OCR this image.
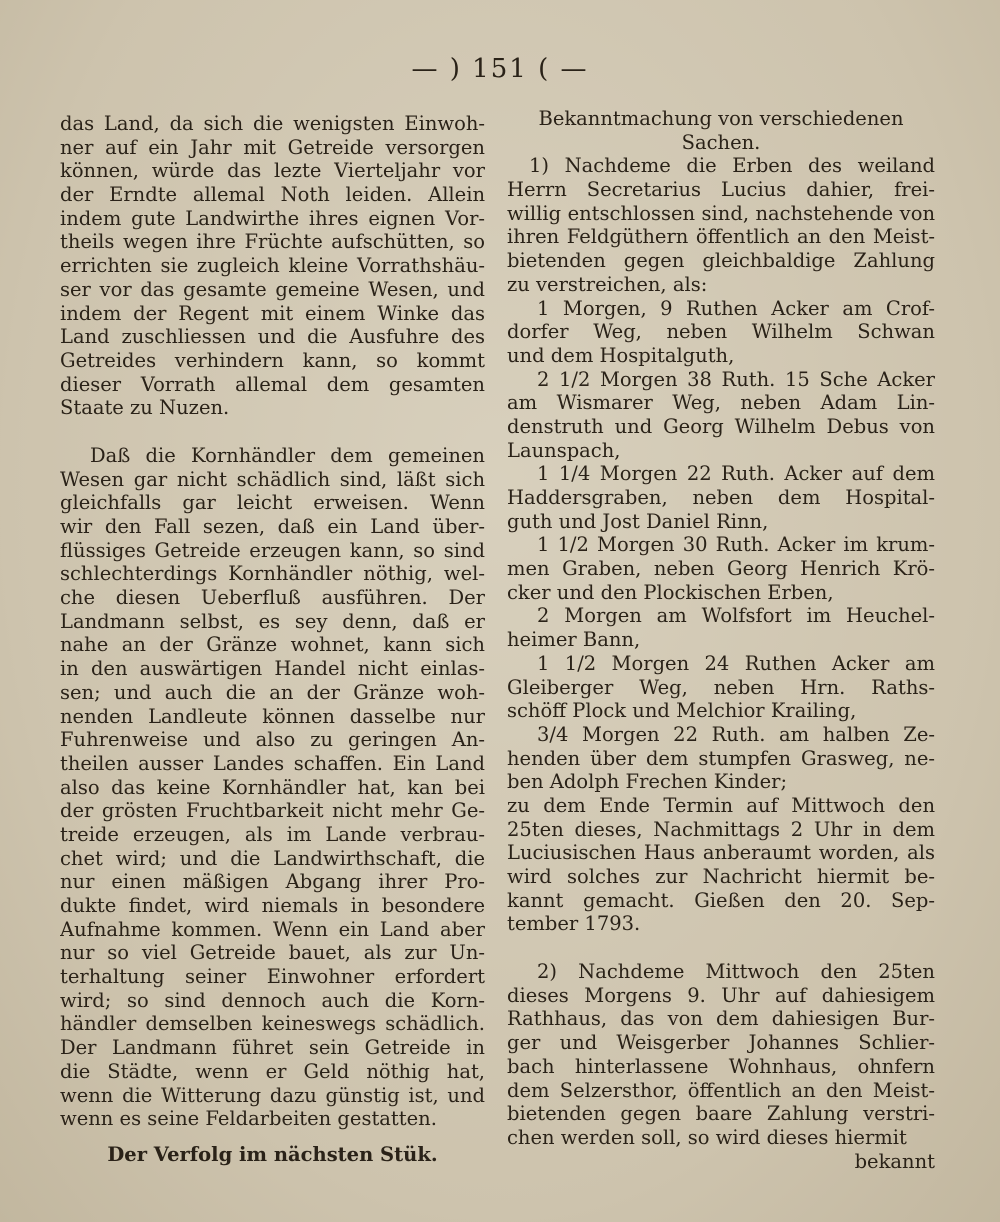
— ) 151 ( —
das Land, da sich die wenigsten Einwoh-
ner auf ein Jahr mit Getreide versorgen
können, würde das lezte Vierteljahr vor
der Erndte allemal Noth leiden. Allein
indem gute Landwirthe ihres eignen Vor-
theils wegen ihre Früchte aufschütten, so
errichten sie zugleich kleine Vorrathshäu-
ser vor das gesamte gemeine Wesen, und
indem der Regent mit einem Winke das
Land zuschliessen und die Ausfuhre des
Getreides verhindern kann, so kommt
dieser Vorrath allemal dem gesamten
Staate zu Nuzen.
Daß die Kornhändler dem gemeinen
Wesen gar nicht schädlich sind, läßt sich
gleichfalls gar leicht erweisen. Wenn
wir den Fall sezen, daß ein Land über-
flüssiges Getreide erzeugen kann, so sind
schlechterdings Kornhändler nöthig, wel-
che diesen Ueberfluß ausführen. Der
Landmann selbst, es sey denn, daß er
nahe an der Gränze wohnet, kann sich
in den auswärtigen Handel nicht einlas-
sen; und auch die an der Gränze woh-
nenden Landleute können dasselbe nur
Fuhrenweise und also zu geringen An-
theilen ausser Landes schaffen. Ein Land
also das keine Kornhändler hat, kan bei
der grösten Fruchtbarkeit nicht mehr Ge-
treide erzeugen, als im Lande verbrau-
chet wird; und die Landwirthschaft, die
nur einen mäßigen Abgang ihrer Pro-
dukte findet, wird niemals in besondere
Aufnahme kommen. Wenn ein Land aber
nur so viel Getreide bauet, als zur Un-
terhaltung seiner Einwohner erfordert
wird; so sind dennoch auch die Korn-
händler demselben keineswegs schädlich.
Der Landmann führet sein Getreide in
die Städte, wenn er Geld nöthig hat,
wenn die Witterung dazu günstig ist, und
wenn es seine Feldarbeiten gestatten.
Der Verfolg im nächsten Stük.
Bekanntmachung von verschiedenen
Sachen.
1) Nachdeme die Erben des weiland
Herrn Secretarius Lucius dahier, frei-
willig entschlossen sind, nachstehende von
ihren Feldgüthern öffentlich an den Meist-
bietenden gegen gleichbaldige Zahlung
zu verstreichen, als:
1 Morgen, 9 Ruthen Acker am Crof-
dorfer Weg, neben Wilhelm Schwan
und dem Hospitalguth,
2 1/2 Morgen 38 Ruth. 15 Sche Acker
am Wismarer Weg, neben Adam Lin-
denstruth und Georg Wilhelm Debus von
Launspach,
1 1/4 Morgen 22 Ruth. Acker auf dem
Haddersgraben, neben dem Hospital-
guth und Jost Daniel Rinn,
1 1/2 Morgen 30 Ruth. Acker im krum-
men Graben, neben Georg Henrich Krö-
cker und den Plockischen Erben,
2 Morgen am Wolfsfort im Heuchel-
heimer Bann,
1 1/2 Morgen 24 Ruthen Acker am
Gleiberger Weg, neben Hrn. Raths-
schöff Plock und Melchior Krailing,
3/4 Morgen 22 Ruth. am halben Ze-
henden über dem stumpfen Grasweg, ne-
ben Adolph Frechen Kinder;
zu dem Ende Termin auf Mittwoch den
25ten dieses, Nachmittags 2 Uhr in dem
Luciusischen Haus anberaumt worden, als
wird solches zur Nachricht hiermit be-
kannt gemacht. Gießen den 20. Sep-
tember 1793.
2) Nachdeme Mittwoch den 25ten
dieses Morgens 9. Uhr auf dahiesigem
Rathhaus, das von dem dahiesigen Bur-
ger und Weisgerber Johannes Schlier-
bach hinterlassene Wohnhaus, ohnfern
dem Selzersthor, öffentlich an den Meist-
bietenden gegen baare Zahlung verstri-
chen werden soll, so wird dieses hiermit
bekannt
